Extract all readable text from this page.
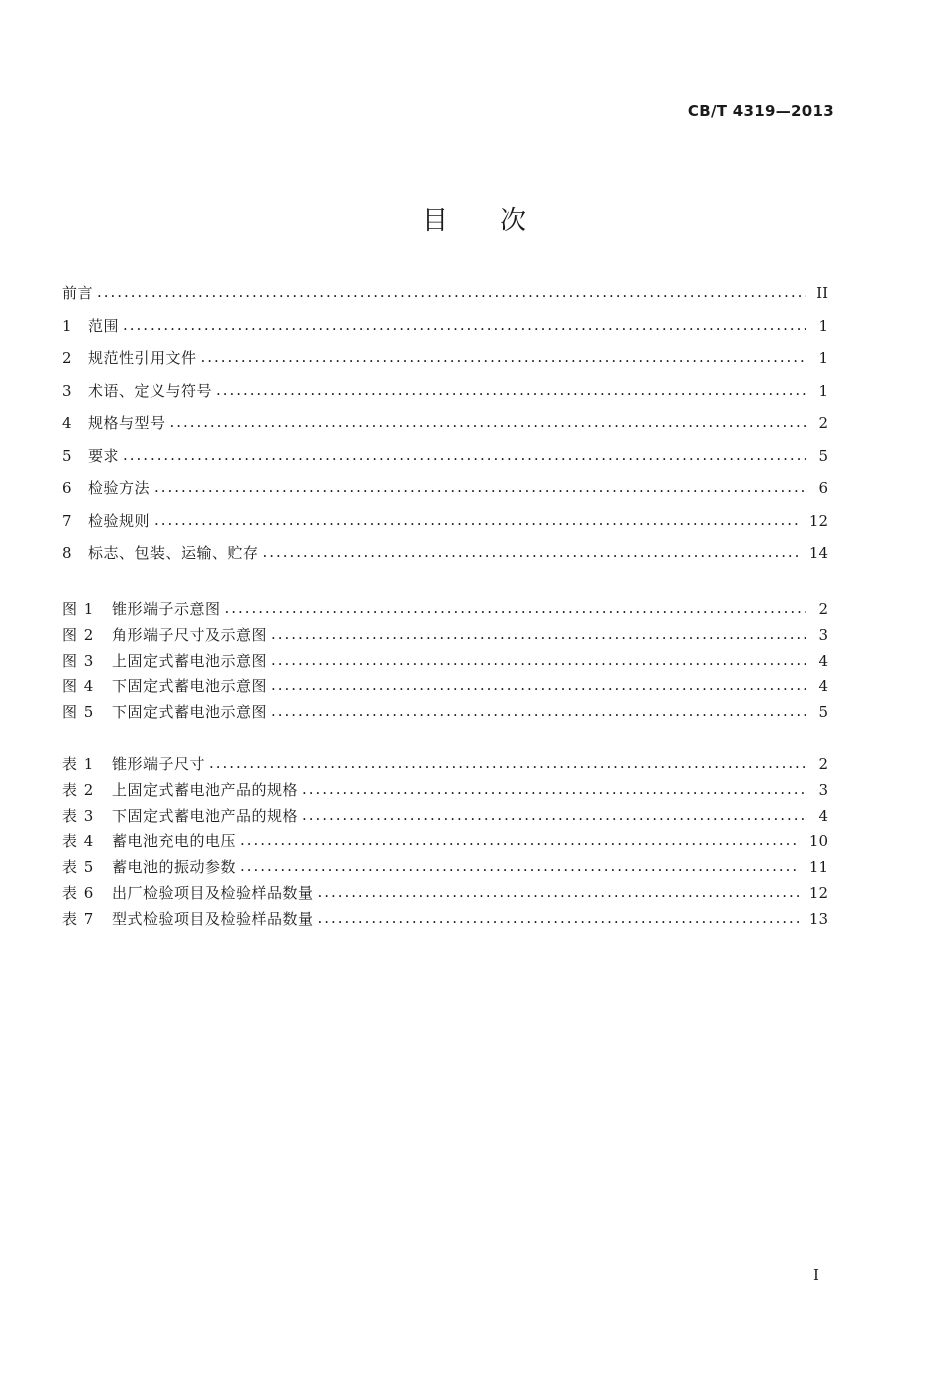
CB/T 4319—2013
目 次
前言 . . .	II
1	范围 . . .	1
2	规范性引用文件 . . .	1
3	术语、定义与符号 . . .	1
4	规格与型号 . . .	2
5	要求 . . .	5
6	检验方法 . . .	6
7	检验规则 . . .	12
8	标志、包装、运输、贮存 . . .	14
图 1	锥形端子示意图 . . .	2
图 2	角形端子尺寸及示意图 . . .	3
图 3	上固定式蓄电池示意图 . . .	4
图 4	下固定式蓄电池示意图 . . .	4
图 5	下固定式蓄电池示意图 . . .	5
表 1	锥形端子尺寸 . . .	2
表 2	上固定式蓄电池产品的规格 . . .	3
表 3	下固定式蓄电池产品的规格 . . .	4
表 4	蓄电池充电的电压 . . .	10
表 5	蓄电池的振动参数 . . .	11
表 6	出厂检验项目及检验样品数量 . . .	12
表 7	型式检验项目及检验样品数量 . . .	13
I
